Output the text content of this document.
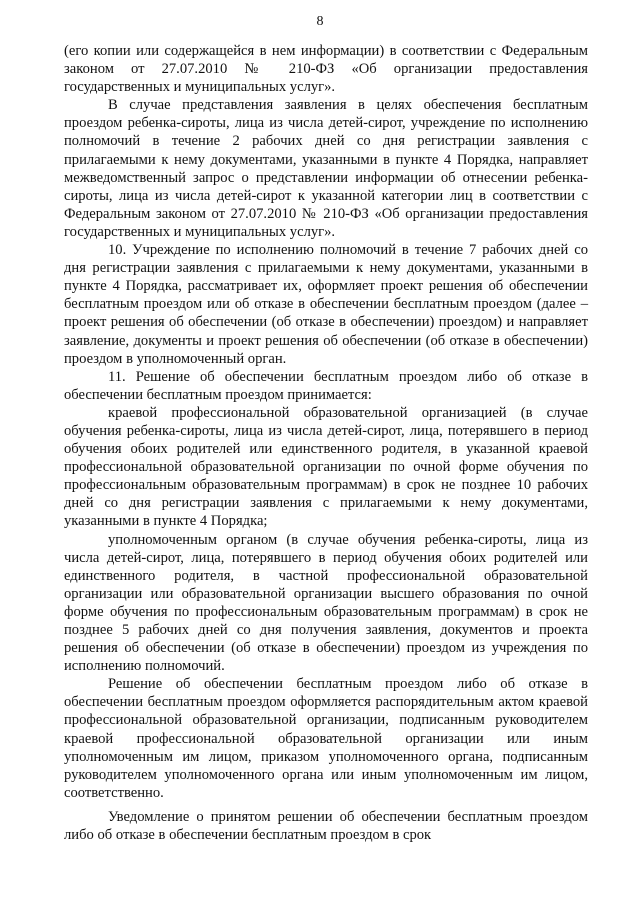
8

(его копии или содержащейся в нем информации) в соответствии с Федеральным законом от 27.07.2010 № 210-ФЗ «Об организации предоставления государственных и муниципальных услуг».

В случае представления заявления в целях обеспечения бесплатным проездом ребенка-сироты, лица из числа детей-сирот, учреждение по исполнению полномочий в течение 2 рабочих дней со дня регистрации заявления с прилагаемыми к нему документами, указанными в пункте 4 Порядка, направляет межведомственный запрос о представлении информации об отнесении ребенка-сироты, лица из числа детей-сирот к указанной категории лиц в соответствии с Федеральным законом от 27.07.2010 № 210-ФЗ «Об организации предоставления государственных и муниципальных услуг».

10. Учреждение по исполнению полномочий в течение 7 рабочих дней со дня регистрации заявления с прилагаемыми к нему документами, указанными в пункте 4 Порядка, рассматривает их, оформляет проект решения об обеспечении бесплатным проездом или об отказе в обеспечении бесплатным проездом (далее – проект решения об обеспечении (об отказе в обеспечении) проездом) и направляет заявление, документы и проект решения об обеспечении (об отказе в обеспечении) проездом в уполномоченный орган.

11. Решение об обеспечении бесплатным проездом либо об отказе в обеспечении бесплатным проездом принимается:

краевой профессиональной образовательной организацией (в случае обучения ребенка-сироты, лица из числа детей-сирот, лица, потерявшего в период обучения обоих родителей или единственного родителя, в указанной краевой профессиональной образовательной организации по очной форме обучения по профессиональным образовательным программам) в срок не позднее 10 рабочих дней со дня регистрации заявления с прилагаемыми к нему документами, указанными в пункте 4 Порядка;

уполномоченным органом (в случае обучения ребенка-сироты, лица из числа детей-сирот, лица, потерявшего в период обучения обоих родителей или единственного родителя, в частной профессиональной образовательной организации или образовательной организации высшего образования по очной форме обучения по профессиональным образовательным программам) в срок не позднее 5 рабочих дней со дня получения заявления, документов и проекта решения об обеспечении (об отказе в обеспечении) проездом из учреждения по исполнению полномочий.

Решение об обеспечении бесплатным проездом либо об отказе в обеспечении бесплатным проездом оформляется распорядительным актом краевой профессиональной образовательной организации, подписанным руководителем краевой профессиональной образовательной организации или иным уполномоченным им лицом, приказом уполномоченного органа, подписанным руководителем уполномоченного органа или иным уполномоченным им лицом, соответственно.

Уведомление о принятом решении об обеспечении бесплатным проездом либо об отказе в обеспечении бесплатным проездом в срок
